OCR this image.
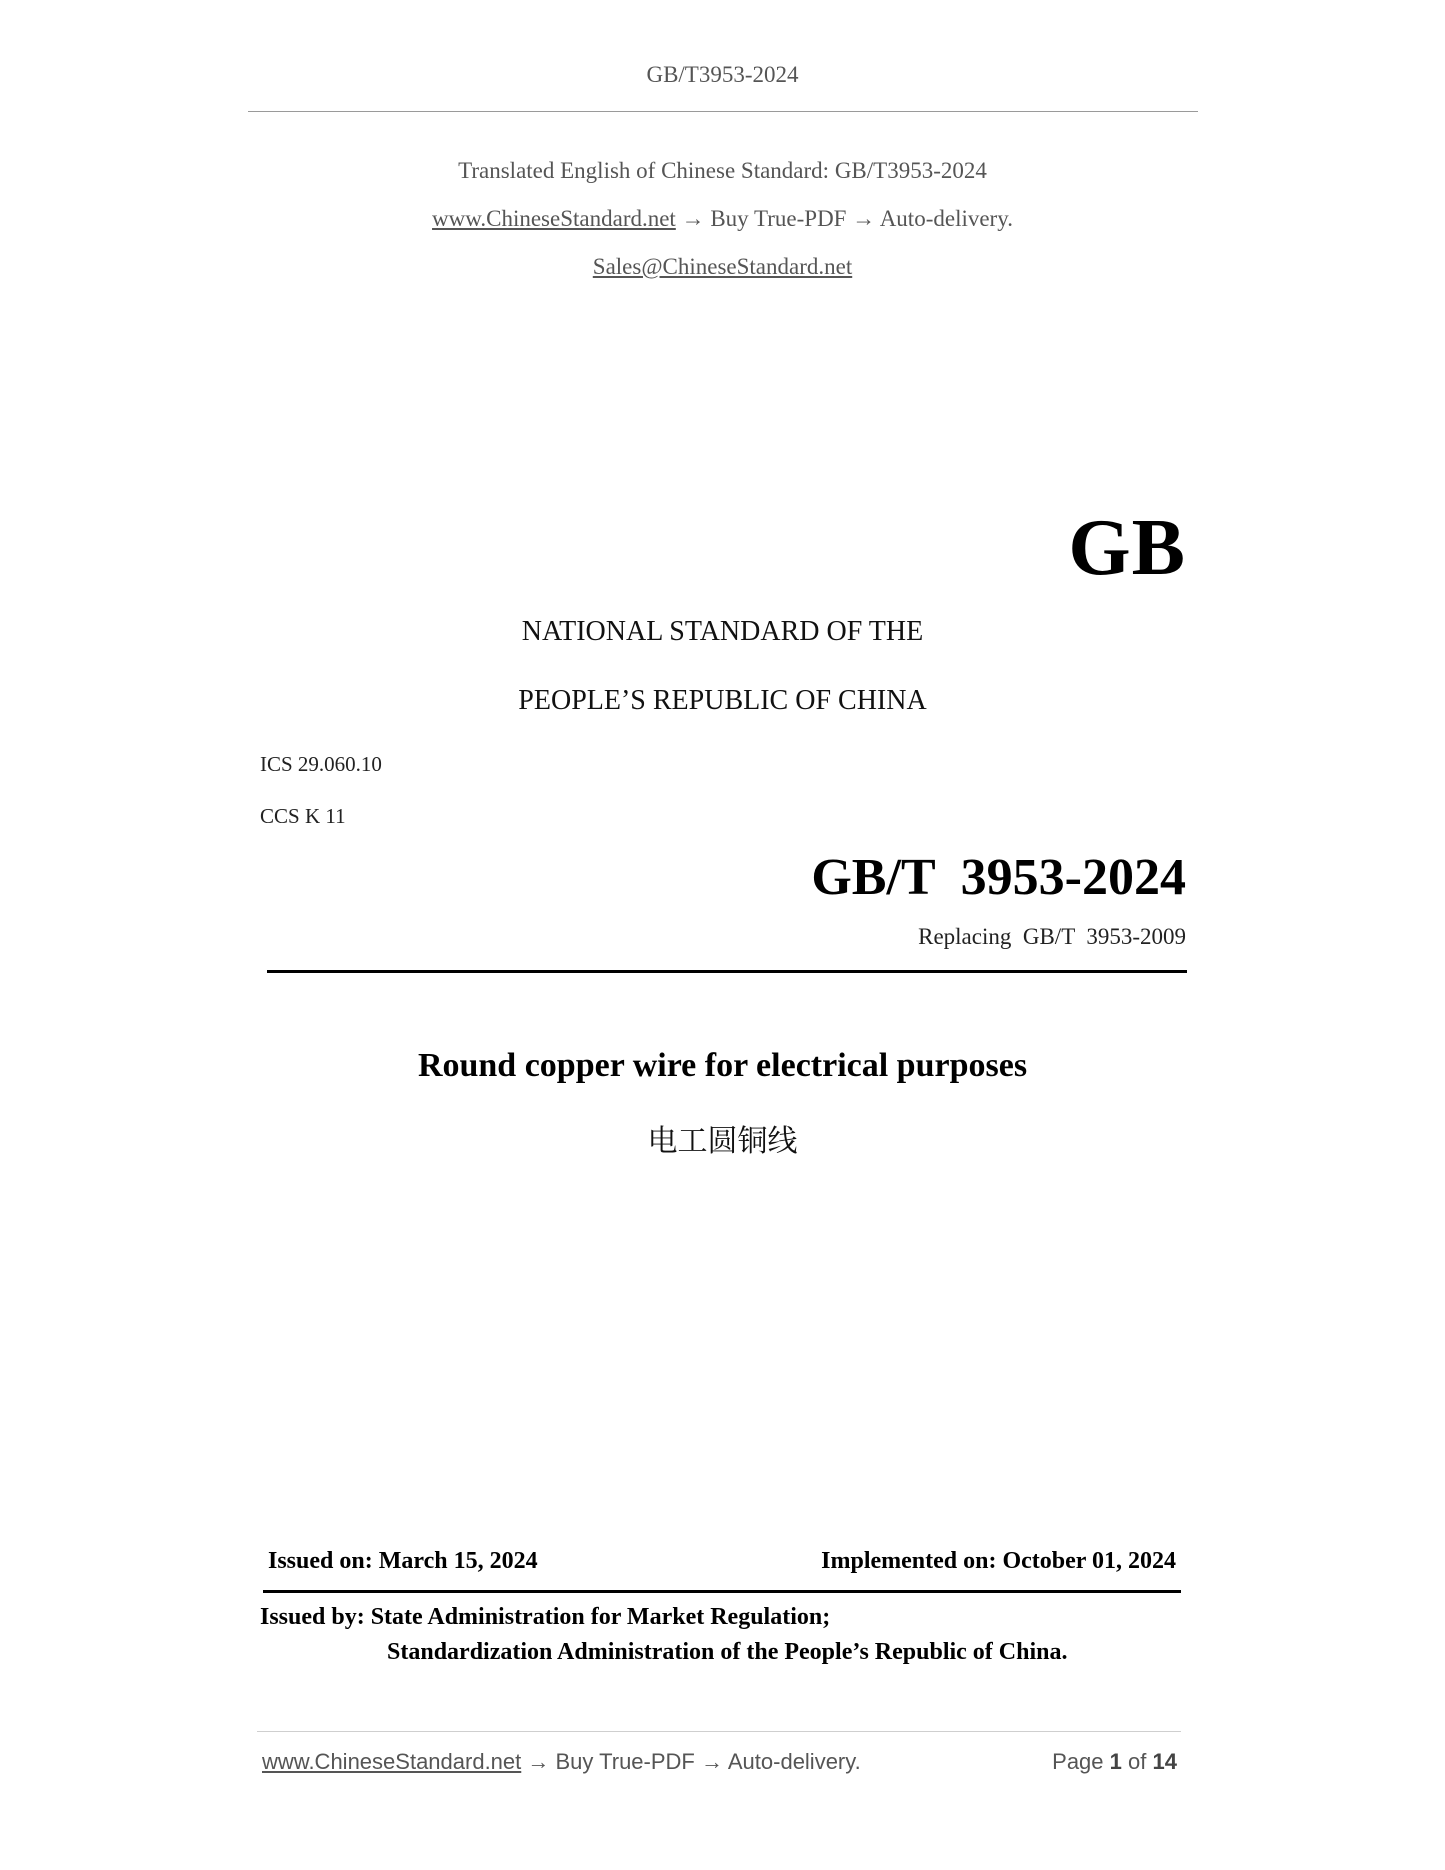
GB/T3953-2024
Translated English of Chinese Standard: GB/T3953-2024
www.ChineseStandard.net → Buy True-PDF → Auto-delivery.
Sales@ChineseStandard.net
GB
NATIONAL STANDARD OF THE
PEOPLE’S REPUBLIC OF CHINA
ICS 29.060.10
CCS K 11
GB/T  3953-2024
Replacing  GB/T  3953-2009
Round copper wire for electrical purposes
电工圆铜线
Issued on: March 15, 2024	Implemented on: October 01, 2024
Issued by: State Administration for Market Regulation;
Standardization Administration of the People’s Republic of China.
www.ChineseStandard.net → Buy True-PDF → Auto-delivery.	Page 1 of 14
